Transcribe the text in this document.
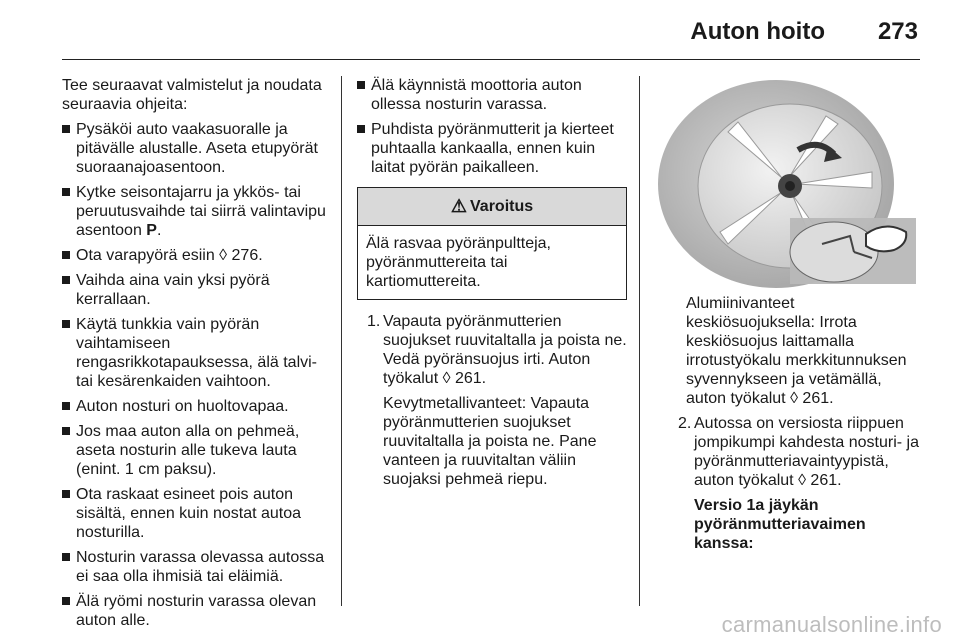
Auton hoito 273

Tee seuraavat valmistelut ja noudata seuraavia ohjeita:

Pysäköi auto vaakasuoralle ja pitävälle alustalle. Aseta etupyörät suoraanajoasentoon.

Kytke seisontajarru ja ykkös- tai peruutusvaihde tai siirrä valintavipu asentoon P.

Ota varapyörä esiin ◊ 276.

Vaihda aina vain yksi pyörä kerrallaan.

Käytä tunkkia vain pyörän vaihtamiseen rengasrikkotapauksessa, älä talvi- tai kesärenkaiden vaihtoon.

Auton nosturi on huoltovapaa.

Jos maa auton alla on pehmeä, aseta nosturin alle tukeva lauta (enint. 1 cm paksu).

Ota raskaat esineet pois auton sisältä, ennen kuin nostat autoa nosturilla.

Nosturin varassa olevassa autossa ei saa olla ihmisiä tai eläimiä.

Älä ryömi nosturin varassa olevan auton alle.

Älä käynnistä moottoria auton ollessa nosturin varassa.

Puhdista pyöränmutterit ja kierteet puhtaalla kankaalla, ennen kuin laitat pyörän paikalleen.

⚠ Varoitus

Älä rasvaa pyöränpultteja, pyöränmuttereita tai kartiomuttereita.

1. Vapauta pyöränmutterien suojukset ruuvitaltalla ja poista ne. Vedä pyöränsuojus irti. Auton työkalut ◊ 261.

Kevytmetallivanteet: Vapauta pyöränmutterien suojukset ruuvitaltalla ja poista ne. Pane vanteen ja ruuvitaltan väliin suojaksi pehmeä riepu.

Alumiinivanteet keskiösuojuksella: Irrota keskiösuojus laittamalla irrotustyökalu merkkitunnuksen syvennykseen ja vetämällä, auton työkalut ◊ 261.

2. Autossa on versiosta riippuen jompikumpi kahdesta nosturi- ja pyöränmutteriavaintyypistä, auton työkalut ◊ 261.

Versio 1a jäykän pyöränmutteriavaimen kanssa:

carmanualsonline.info
